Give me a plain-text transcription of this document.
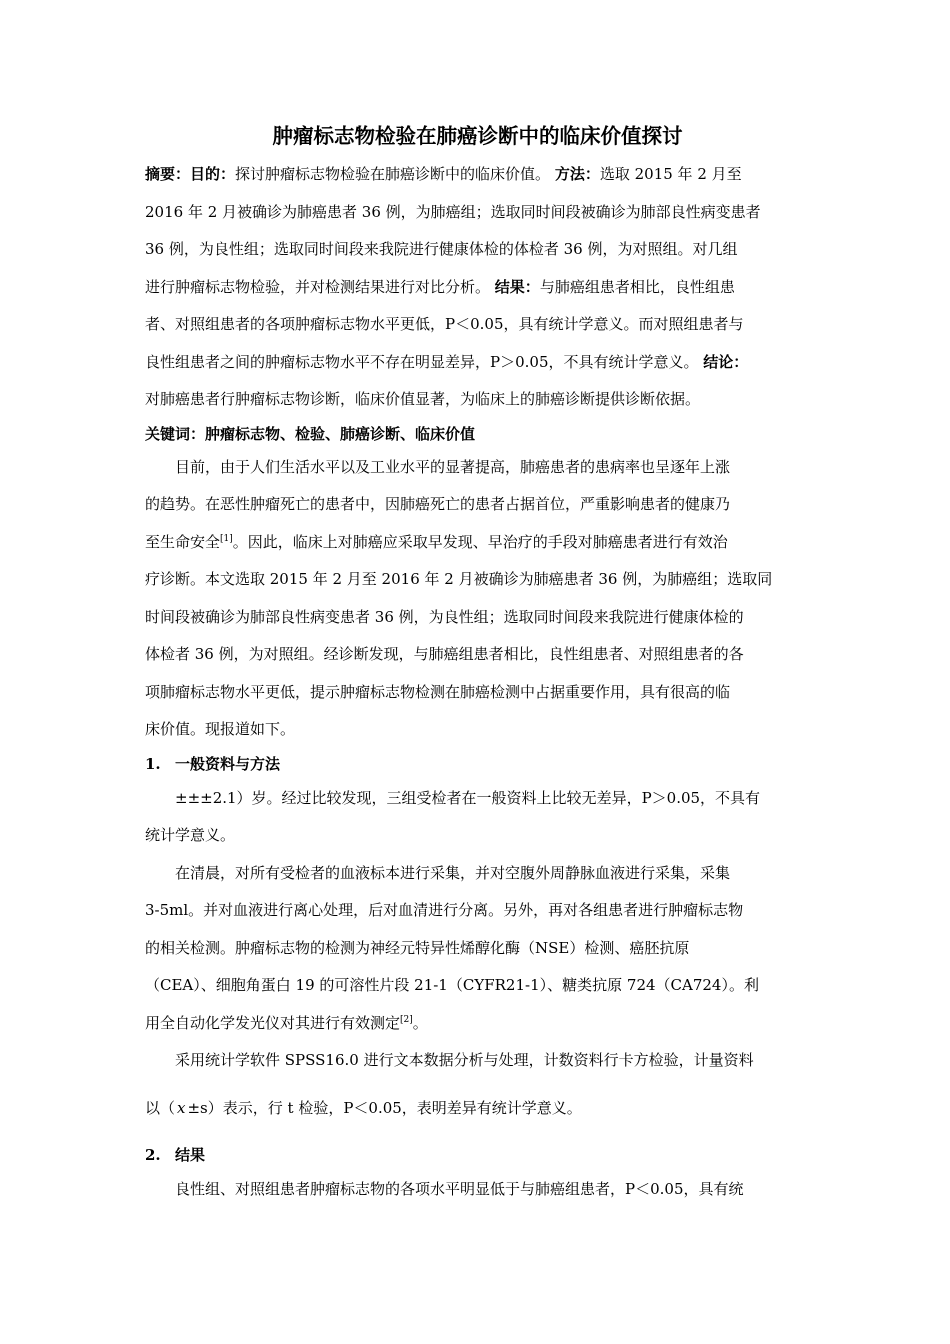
肿瘤标志物检验在肺癌诊断中的临床价值探讨

摘要：目的：探讨肿瘤标志物检验在肺癌诊断中的临床价值。 方法：选取 2015 年 2 月至

2016 年 2 月被确诊为肺癌患者 36 例，为肺癌组；选取同时间段被确诊为肺部良性病变患者

36 例，为良性组；选取同时间段来我院进行健康体检的体检者 36 例，为对照组。对几组

进行肿瘤标志物检验，并对检测结果进行对比分析。 结果：与肺癌组患者相比，良性组患

者、对照组患者的各项肿瘤标志物水平更低，P＜0.05，具有统计学意义。而对照组患者与

良性组患者之间的肿瘤标志物水平不存在明显差异，P＞0.05，不具有统计学意义。 结论：

对肺癌患者行肿瘤标志物诊断，临床价值显著，为临床上的肺癌诊断提供诊断依据。

关键词：肿瘤标志物、检验、肺癌诊断、临床价值

目前，由于人们生活水平以及工业水平的显著提高，肺癌患者的患病率也呈逐年上涨

的趋势。在恶性肿瘤死亡的患者中，因肺癌死亡的患者占据首位，严重影响患者的健康乃

至生命安全[1]。因此，临床上对肺癌应采取早发现、早治疗的手段对肺癌患者进行有效治

疗诊断。本文选取 2015 年 2 月至 2016 年 2 月被确诊为肺癌患者 36 例，为肺癌组；选取同

时间段被确诊为肺部良性病变患者 36 例，为良性组；选取同时间段来我院进行健康体检的

体检者 36 例，为对照组。经诊断发现，与肺癌组患者相比，良性组患者、对照组患者的各

项肺瘤标志物水平更低，提示肿瘤标志物检测在肺癌检测中占据重要作用，具有很高的临

床价值。现报道如下。

1. 一般资料与方法

±±±2.1）岁。经过比较发现，三组受检者在一般资料上比较无差异，P＞0.05，不具有

统计学意义。

在清晨，对所有受检者的血液标本进行采集，并对空腹外周静脉血液进行采集，采集

3-5ml。并对血液进行离心处理，后对血清进行分离。另外，再对各组患者进行肿瘤标志物

的相关检测。肿瘤标志物的检测为神经元特异性烯醇化酶（NSE）检测、癌胚抗原

（CEA）、细胞角蛋白 19 的可溶性片段 21-1（CYFR21-1）、糖类抗原 724（CA724）。利

用全自动化学发光仪对其进行有效测定[2]。

采用统计学软件 SPSS16.0 进行文本数据分析与处理，计数资料行卡方检验，计量资料

以（ x ±s）表示，行 t 检验，P＜0.05，表明差异有统计学意义。

2. 结果

良性组、对照组患者肿瘤标志物的各项水平明显低于与肺癌组患者，P＜0.05，具有统
